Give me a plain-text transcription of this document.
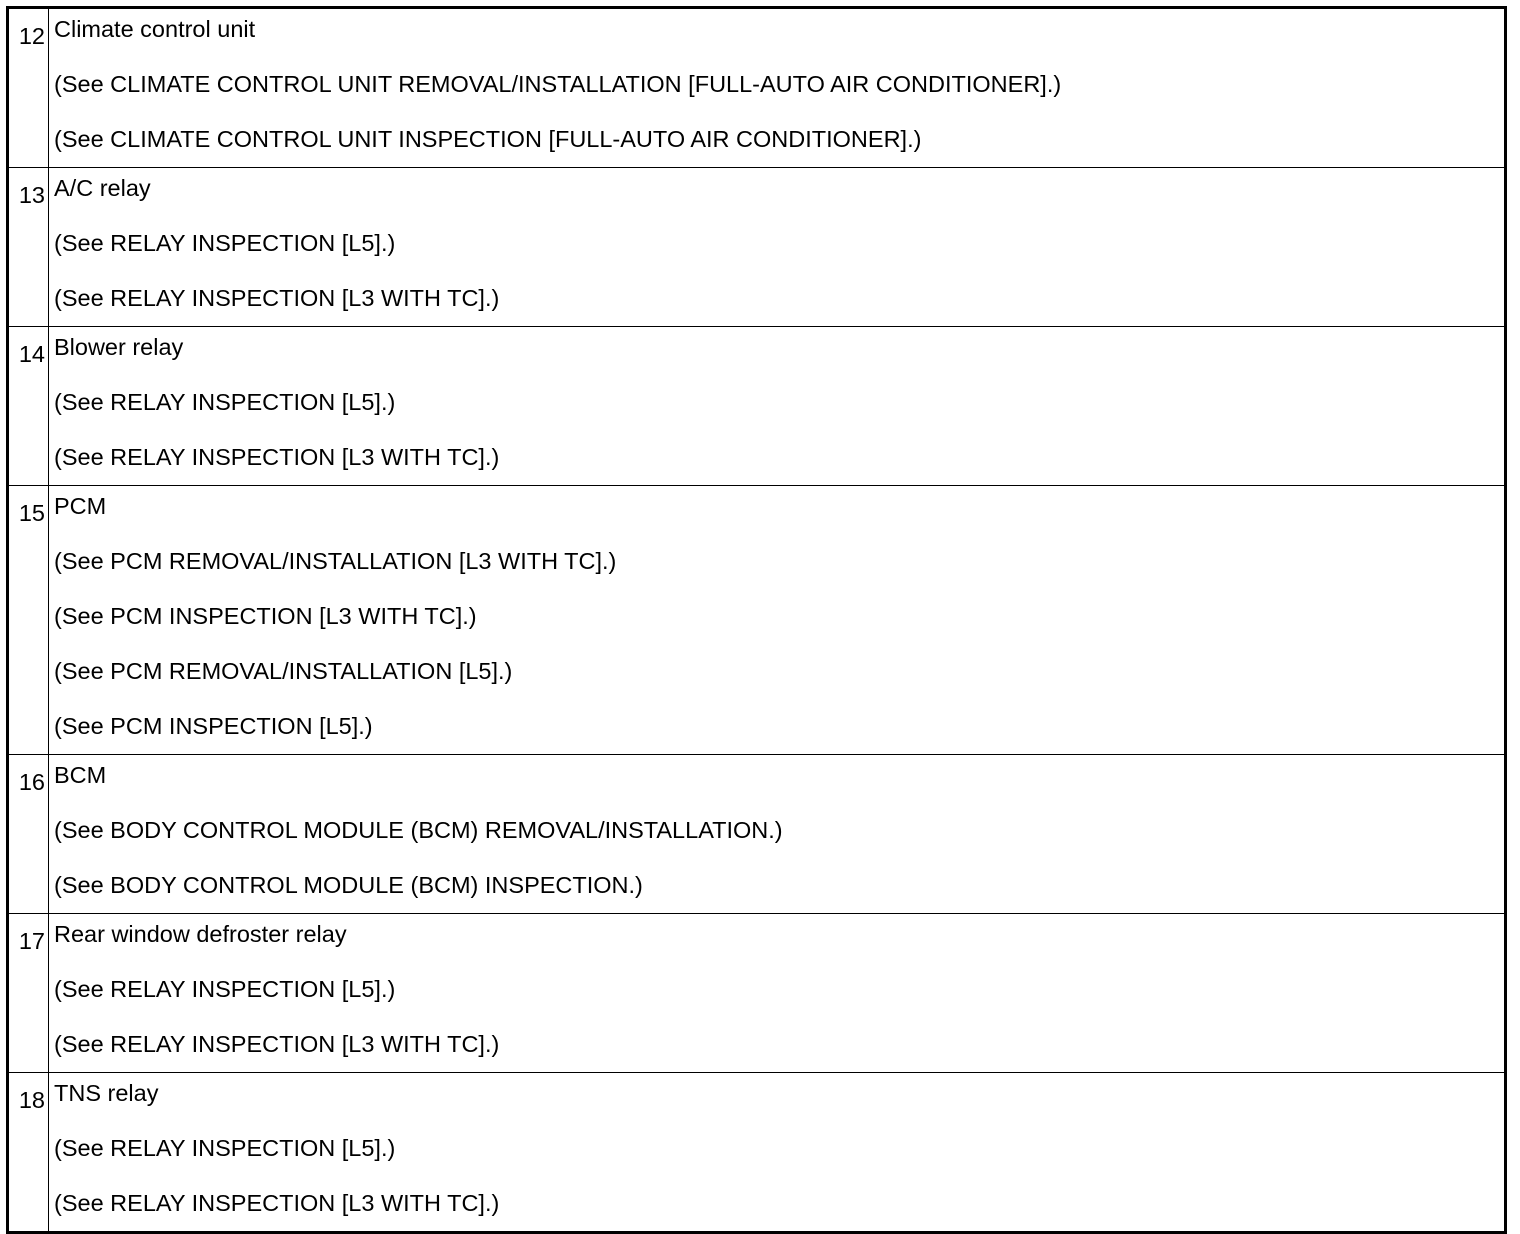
12	Climate control unit
(See CLIMATE CONTROL UNIT REMOVAL/INSTALLATION [FULL-AUTO AIR CONDITIONER].)
(See CLIMATE CONTROL UNIT INSPECTION [FULL-AUTO AIR CONDITIONER].)

13	A/C relay
(See RELAY INSPECTION [L5].)
(See RELAY INSPECTION [L3 WITH TC].)

14	Blower relay
(See RELAY INSPECTION [L5].)
(See RELAY INSPECTION [L3 WITH TC].)

15	PCM
(See PCM REMOVAL/INSTALLATION [L3 WITH TC].)
(See PCM INSPECTION [L3 WITH TC].)
(See PCM REMOVAL/INSTALLATION [L5].)
(See PCM INSPECTION [L5].)

16	BCM
(See BODY CONTROL MODULE (BCM) REMOVAL/INSTALLATION.)
(See BODY CONTROL MODULE (BCM) INSPECTION.)

17	Rear window defroster relay
(See RELAY INSPECTION [L5].)
(See RELAY INSPECTION [L3 WITH TC].)

18	TNS relay
(See RELAY INSPECTION [L5].)
(See RELAY INSPECTION [L3 WITH TC].)
